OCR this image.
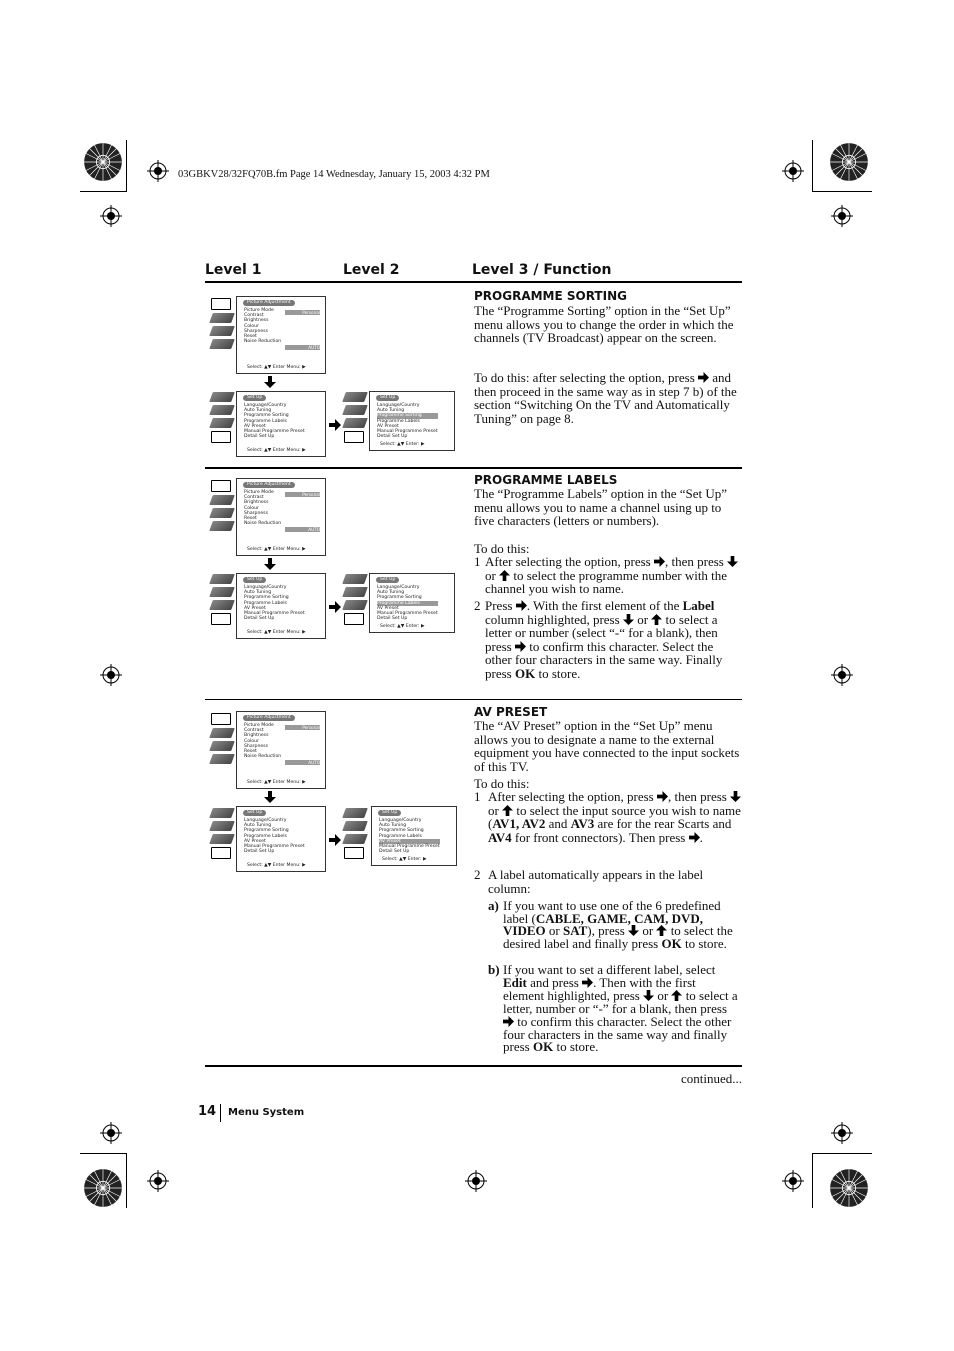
03GBKV28/32FQ70B.fm Page 14 Wednesday, January 15, 2003 4:32 PM
Level 1	Level 2	Level 3 / Function
Picture Adjustment
Picture Mode
Contrast
Brightness
Colour
Sharpness
Reset
Noise Reduction
Personal
AUTO
Select: ▲▼ Enter Menu: ▶
Set Up
Language/Country
Auto Tuning
Programme Sorting
Programme Labels
AV Preset
Manual Programme Preset
Detail Set Up
Select: ▲▼ Enter Menu: ▶
Set Up
Language/Country
Auto Tuning
Programme Sorting
Programme Labels
AV Preset
Manual Programme Preset
Detail Set Up
Select: ▲▼ Enter: ▶
PROGRAMME SORTING
The “Programme Sorting” option in the “Set Up” menu allows you to change the order in which the channels (TV Broadcast) appear on the screen.
To do this: after selecting the option, press and then proceed in the same way as in step 7 b) of the section “Switching On the TV and Automatically Tuning” on page 8.
Picture Adjustment
Picture Mode
Contrast
Brightness
Colour
Sharpness
Reset
Noise Reduction
Personal
AUTO
Select: ▲▼ Enter Menu: ▶
Set Up
Language/Country
Auto Tuning
Programme Sorting
Programme Labels
AV Preset
Manual Programme Preset
Detail Set Up
Select: ▲▼ Enter Menu: ▶
Set Up
Language/Country
Auto Tuning
Programme Sorting
Programme Labels
AV Preset
Manual Programme Preset
Detail Set Up
Select: ▲▼ Enter: ▶
PROGRAMME LABELS
The “Programme Labels” option in the “Set Up” menu allows you to name a channel using up to five characters (letters or numbers).
To do this:
1 After selecting the option, press , then press  or to select the programme number with the channel you wish to name.
2 Press . With the first element of the Label column highlighted, press or to select a letter or number (select “-“ for a blank), then press to confirm this character. Select the other four characters in the same way. Finally press OK to store.
Picture Adjustment
Picture Mode
Contrast
Brightness
Colour
Sharpness
Reset
Noise Reduction
Personal
AUTO
Select: ▲▼ Enter Menu: ▶
Set Up
Language/Country
Auto Tuning
Programme Sorting
Programme Labels
AV Preset
Manual Programme Preset
Detail Set Up
Select: ▲▼ Enter Menu: ▶
Set Up
Language/Country
Auto Tuning
Programme Sorting
Programme Labels
AV Preset
Manual Programme Preset
Detail Set Up
Select: ▲▼ Enter: ▶
AV PRESET
The “AV Preset” option in the “Set Up” menu allows you to designate a name to the external equipment you have connected to the input sockets of this TV.
To do this:
1 After selecting the option, press , then press  or to select the input source you wish to name (AV1, AV2 and AV3 are for the rear Scarts and AV4 for front connectors). Then press .
2 A label automatically appears in the label column:
a) If you want to use one of the 6 predefined label (CABLE, GAME, CAM, DVD, VIDEO or SAT), press or to select the desired label and finally press OK to store.
b) If you want to set a different label, select Edit and press . Then with the first element highlighted, press or to select a letter, number or “-” for a blank, then press  to confirm this character. Select the other four characters in the same way and finally press OK to store.
continued...
14 Menu System
